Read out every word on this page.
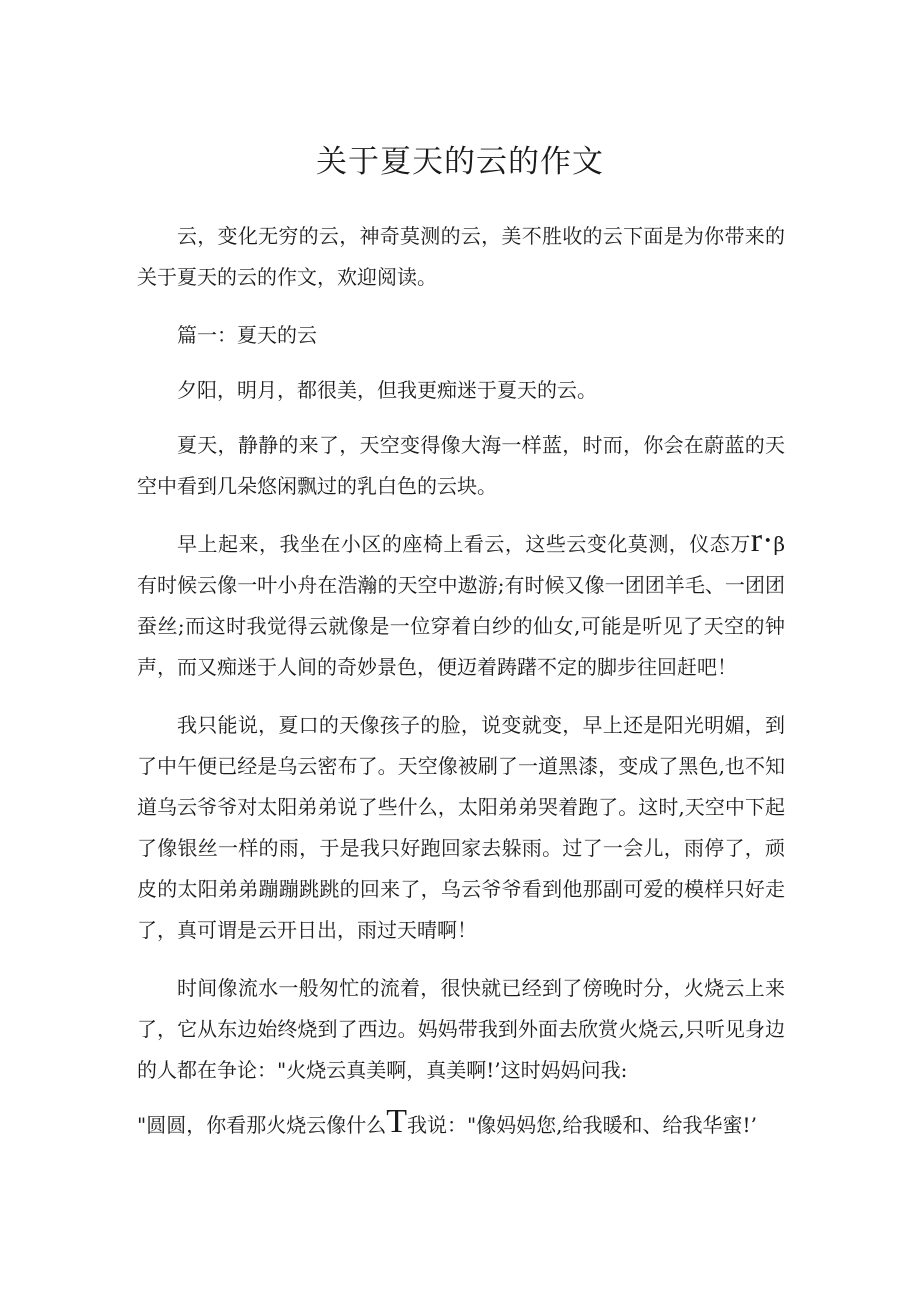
关于夏天的云的作文

云，变化无穷的云，神奇莫测的云，美不胜收的云下面是为你带来的关于夏天的云的作文，欢迎阅读。

篇一：夏天的云

夕阳，明月，都很美，但我更痴迷于夏天的云。

夏天，静静的来了，天空变得像大海一样蓝，时而，你会在蔚蓝的天空中看到几朵悠闲飘过的乳白色的云块。

早上起来，我坐在小区的座椅上看云，这些云变化莫测，仪态万r·β有时候云像一叶小舟在浩瀚的天空中遨游;有时候又像一团团羊毛、一团团蚕丝;而这时我觉得云就像是一位穿着白纱的仙女,可能是听见了天空的钟声，而又痴迷于人间的奇妙景色，便迈着踌躇不定的脚步往回赶吧！

我只能说，夏口的天像孩子的脸，说变就变，早上还是阳光明媚，到了中午便已经是乌云密布了。天空像被刷了一道黑漆，变成了黑色,也不知道乌云爷爷对太阳弟弟说了些什么，太阳弟弟哭着跑了。这时,天空中下起了像银丝一样的雨，于是我只好跑回家去躲雨。过了一会儿，雨停了，顽皮的太阳弟弟蹦蹦跳跳的回来了，乌云爷爷看到他那副可爱的模样只好走了，真可谓是云开日出，雨过天晴啊！

时间像流水一般匆忙的流着，很快就已经到了傍晚时分，火烧云上来了，它从东边始终烧到了西边。妈妈带我到外面去欣赏火烧云,只听见身边的人都在争论："火烧云真美啊，真美啊!’这时妈妈问我:

"圆圆，你看那火烧云像什么T我说："像妈妈您,给我暖和、给我华蜜!’
